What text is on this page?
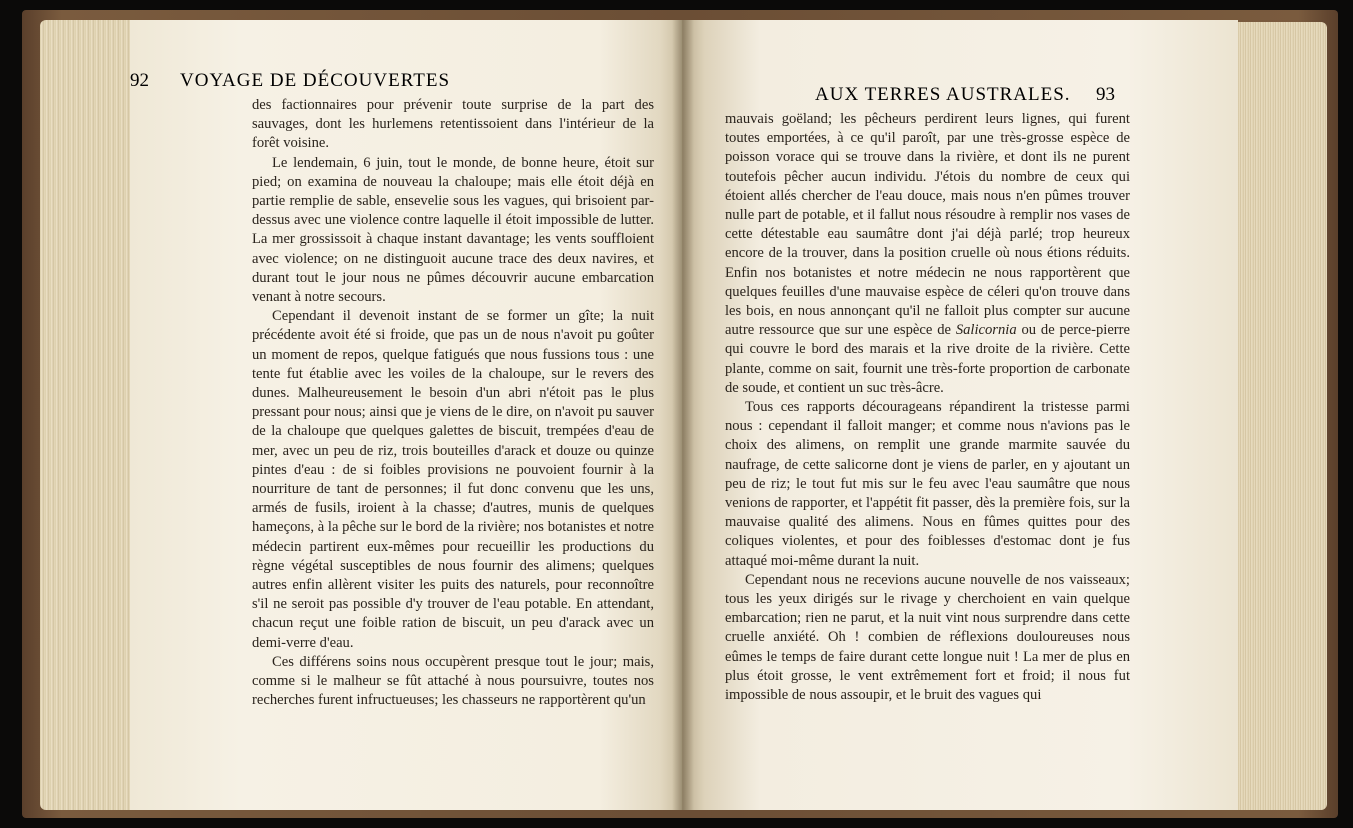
92 VOYAGE DE DÉCOUVERTES

des factionnaires pour prévenir toute surprise de la part des sauvages, dont les hurlemens retentissoient dans l'intérieur de la forêt voisine.

Le lendemain, 6 juin, tout le monde, de bonne heure, étoit sur pied; on examina de nouveau la chaloupe; mais elle étoit déjà en partie remplie de sable, ensevelie sous les vagues, qui brisoient par-dessus avec une violence contre laquelle il étoit impossible de lutter. La mer grossissoit à chaque instant davantage; les vents souffloient avec violence; on ne distinguoit aucune trace des deux navires, et durant tout le jour nous ne pûmes découvrir aucune embarcation venant à notre secours.

Cependant il devenoit instant de se former un gîte; la nuit précédente avoit été si froide, que pas un de nous n'avoit pu goûter un moment de repos, quelque fatigués que nous fussions tous : une tente fut établie avec les voiles de la chaloupe, sur le revers des dunes. Malheureusement le besoin d'un abri n'étoit pas le plus pressant pour nous; ainsi que je viens de le dire, on n'avoit pu sauver de la chaloupe que quelques galettes de biscuit, trempées d'eau de mer, avec un peu de riz, trois bouteilles d'arack et douze ou quinze pintes d'eau : de si foibles provisions ne pouvoient fournir à la nourriture de tant de personnes; il fut donc convenu que les uns, armés de fusils, iroient à la chasse; d'autres, munis de quelques hameçons, à la pêche sur le bord de la rivière; nos botanistes et notre médecin partirent eux-mêmes pour recueillir les productions du règne végétal susceptibles de nous fournir des alimens; quelques autres enfin allèrent visiter les puits des naturels, pour reconnoître s'il ne seroit pas possible d'y trouver de l'eau potable. En attendant, chacun reçut une foible ration de biscuit, un peu d'arack avec un demi-verre d'eau.

Ces différens soins nous occupèrent presque tout le jour; mais, comme si le malheur se fût attaché à nous poursuivre, toutes nos recherches furent infructueuses; les chasseurs ne rapportèrent qu'un

AUX TERRES AUSTRALES. 93

mauvais goëland; les pêcheurs perdirent leurs lignes, qui furent toutes emportées, à ce qu'il paroît, par une très-grosse espèce de poisson vorace qui se trouve dans la rivière, et dont ils ne purent toutefois pêcher aucun individu. J'étois du nombre de ceux qui étoient allés chercher de l'eau douce, mais nous n'en pûmes trouver nulle part de potable, et il fallut nous résoudre à remplir nos vases de cette détestable eau saumâtre dont j'ai déjà parlé; trop heureux encore de la trouver, dans la position cruelle où nous étions réduits. Enfin nos botanistes et notre médecin ne nous rapportèrent que quelques feuilles d'une mauvaise espèce de céleri qu'on trouve dans les bois, en nous annonçant qu'il ne falloit plus compter sur aucune autre ressource que sur une espèce de Salicornia ou de perce-pierre qui couvre le bord des marais et la rive droite de la rivière. Cette plante, comme on sait, fournit une très-forte proportion de carbonate de soude, et contient un suc très-âcre.

Tous ces rapports décourageans répandirent la tristesse parmi nous : cependant il falloit manger; et comme nous n'avions pas le choix des alimens, on remplit une grande marmite sauvée du naufrage, de cette salicorne dont je viens de parler, en y ajoutant un peu de riz; le tout fut mis sur le feu avec l'eau saumâtre que nous venions de rapporter, et l'appétit fit passer, dès la première fois, sur la mauvaise qualité des alimens. Nous en fûmes quittes pour des coliques violentes, et pour des foiblesses d'estomac dont je fus attaqué moi-même durant la nuit.

Cependant nous ne recevions aucune nouvelle de nos vaisseaux; tous les yeux dirigés sur le rivage y cherchoient en vain quelque embarcation; rien ne parut, et la nuit vint nous surprendre dans cette cruelle anxiété. Oh ! combien de réflexions douloureuses nous eûmes le temps de faire durant cette longue nuit ! La mer de plus en plus étoit grosse, le vent extrêmement fort et froid; il nous fut impossible de nous assoupir, et le bruit des vagues qui
